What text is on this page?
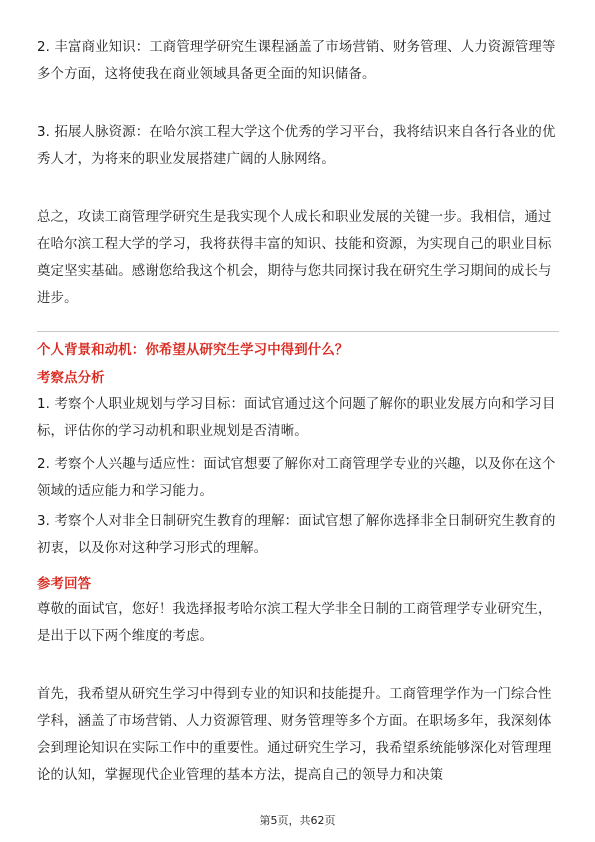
2. 丰富商业知识：工商管理学研究生课程涵盖了市场营销、财务管理、人力资源管理等多个方面，这将使我在商业领域具备更全面的知识储备。

3. 拓展人脉资源：在哈尔滨工程大学这个优秀的学习平台，我将结识来自各行各业的优秀人才，为将来的职业发展搭建广阔的人脉网络。

总之，攻读工商管理学研究生是我实现个人成长和职业发展的关键一步。我相信，通过在哈尔滨工程大学的学习，我将获得丰富的知识、技能和资源，为实现自己的职业目标奠定坚实基础。感谢您给我这个机会，期待与您共同探讨我在研究生学习期间的成长与进步。

个人背景和动机：你希望从研究生学习中得到什么？
考察点分析

1. 考察个人职业规划与学习目标：面试官通过这个问题了解你的职业发展方向和学习目标，评估你的学习动机和职业规划是否清晰。

2. 考察个人兴趣与适应性：面试官想要了解你对工商管理学专业的兴趣，以及你在这个领域的适应能力和学习能力。

3. 考察个人对非全日制研究生教育的理解：面试官想了解你选择非全日制研究生教育的初衷，以及你对这种学习形式的理解。

参考回答

尊敬的面试官，您好！我选择报考哈尔滨工程大学非全日制的工商管理学专业研究生，是出于以下两个维度的考虑。

首先，我希望从研究生学习中得到专业的知识和技能提升。工商管理学作为一门综合性学科，涵盖了市场营销、人力资源管理、财务管理等多个方面。在职场多年，我深刻体会到理论知识在实际工作中的重要性。通过研究生学习，我希望系统能够深化对管理理论的认知，掌握现代企业管理的基本方法，提高自己的领导力和决策

第5页，共62页
